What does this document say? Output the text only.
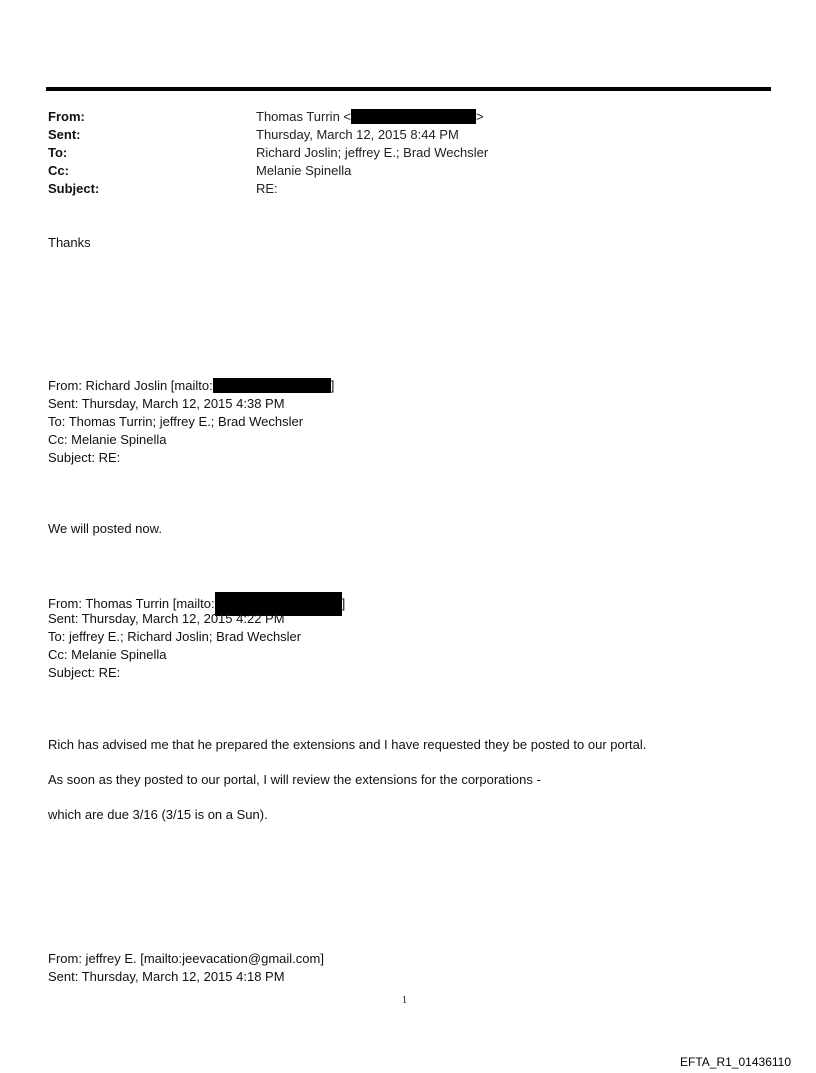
From:	Thomas Turrin <	>
Sent:	Thursday, March 12, 2015 8:44 PM
To:	Richard Joslin; jeffrey E.; Brad Wechsler
Cc:	Melanie Spinella
Subject:	RE:
Thanks
From: Richard Joslin [mailto:	]
Sent: Thursday, March 12, 2015 4:38 PM
To: Thomas Turrin; jeffrey E.; Brad Wechsler
Cc: Melanie Spinella
Subject: RE:
We will posted now.
From: Thomas Turrin [mailto:	]
Sent: Thursday, March 12, 2015 4:22 PM
To: jeffrey E.; Richard Joslin; Brad Wechsler
Cc: Melanie Spinella
Subject: RE:
Rich has advised me that he prepared the extensions and I have requested they be posted to our portal.
As soon as they posted to our portal, I will review the extensions for the corporations -
which are due 3/16 (3/15 is on a Sun).
From: jeffrey E. [mailto:jeevacation@gmail.com]
Sent: Thursday, March 12, 2015 4:18 PM
1
EFTA_R1_01436110
